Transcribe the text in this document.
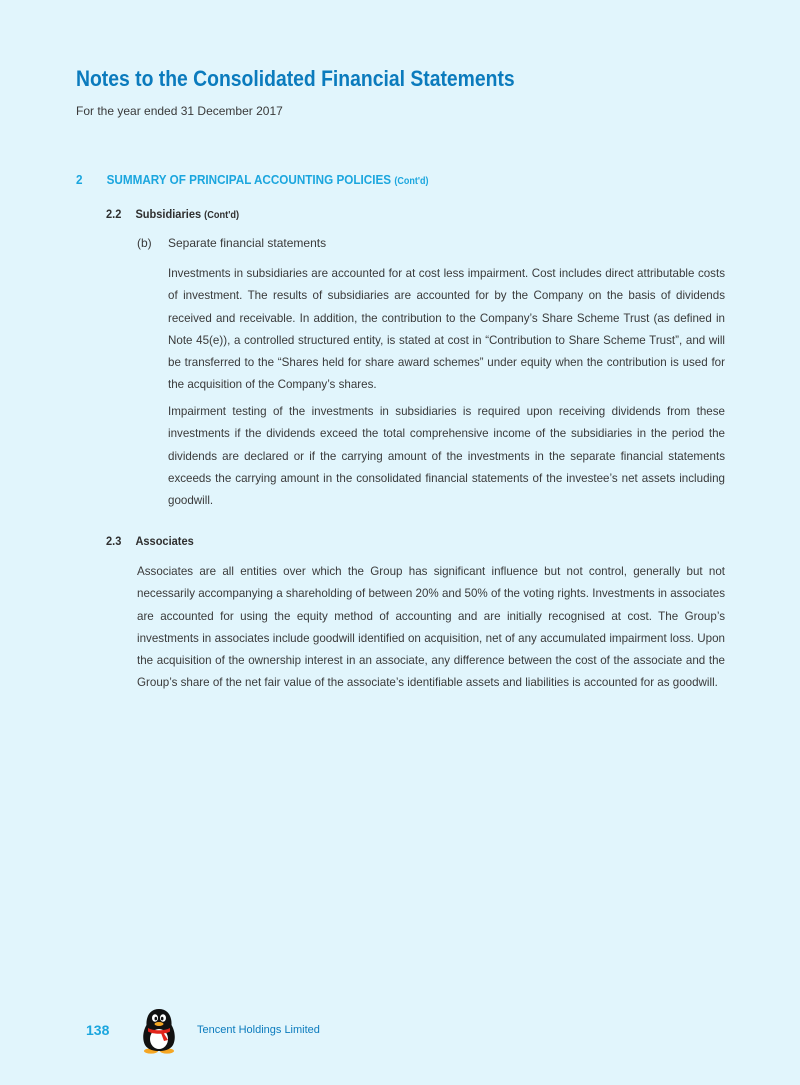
Notes to the Consolidated Financial Statements

For the year ended 31 December 2017

2 SUMMARY OF PRINCIPAL ACCOUNTING POLICIES (Cont'd)
2.2 Subsidiaries (Cont'd)
(b) Separate financial statements

Investments in subsidiaries are accounted for at cost less impairment. Cost includes direct attributable costs of investment. The results of subsidiaries are accounted for by the Company on the basis of dividends received and receivable. In addition, the contribution to the Company’s Share Scheme Trust (as defined in Note 45(e)), a controlled structured entity, is stated at cost in “Contribution to Share Scheme Trust”, and will be transferred to the “Shares held for share award schemes” under equity when the contribution is used for the acquisition of the Company’s shares.

Impairment testing of the investments in subsidiaries is required upon receiving dividends from these investments if the dividends exceed the total comprehensive income of the subsidiaries in the period the dividends are declared or if the carrying amount of the investments in the separate financial statements exceeds the carrying amount in the consolidated financial statements of the investee’s net assets including goodwill.

2.3 Associates

Associates are all entities over which the Group has significant influence but not control, generally but not necessarily accompanying a shareholding of between 20% and 50% of the voting rights. Investments in associates are accounted for using the equity method of accounting and are initially recognised at cost. The Group’s investments in associates include goodwill identified on acquisition, net of any accumulated impairment loss. Upon the acquisition of the ownership interest in an associate, any difference between the cost of the associate and the Group’s share of the net fair value of the associate’s identifiable assets and liabilities is accounted for as goodwill.

138	Tencent Holdings Limited
